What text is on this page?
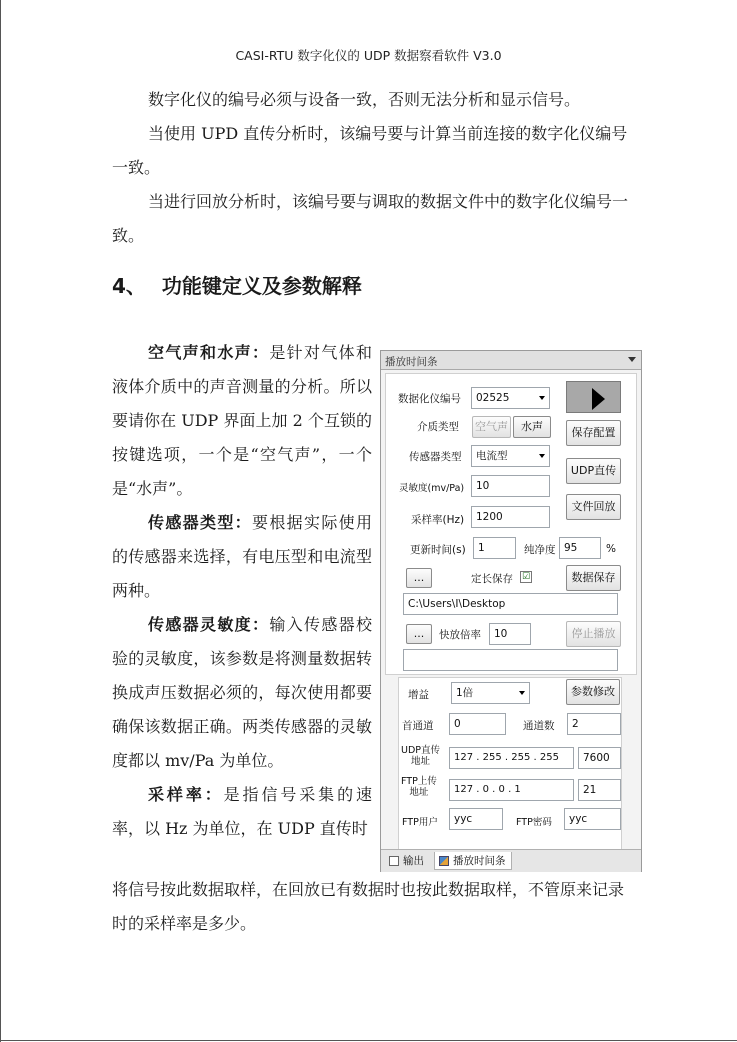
CASI-RTU 数字化仪的 UDP 数据察看软件 V3.0

数字化仪的编号必须与设备一致，否则无法分析和显示信号。

当使用 UPD 直传分析时，该编号要与计算当前连接的数字化仪编号一致。

当进行回放分析时，该编号要与调取的数据文件中的数字化仪编号一致。

4、 功能键定义及参数解释

空气声和水声：是针对气体和液体介质中的声音测量的分析。所以要请你在 UDP 界面上加 2 个互锁的按键选项，一个是“空气声”，一个是“水声”。

传感器类型：要根据实际使用的传感器来选择，有电压型和电流型两种。

传感器灵敏度：输入传感器校验的灵敏度，该参数是将测量数据转换成声压数据必须的，每次使用都要确保该数据正确。两类传感器的灵敏度都以 mv/Pa 为单位。

采样率：是指信号采集的速率，以 Hz 为单位，在 UDP 直传时

将信号按此数据取样，在回放已有数据时也按此数据取样，不管原来记录时的采样率是多少。

播放时间条
数据化仪编号	02525
介质类型 空气声	水声	保存配置
传感器类型	电流型
UDP直传
灵敏度(mv/Pa)	10
文件回放
采样率(Hz)	1200
更新时间(s)	1	纯净度 95	%
...	定长保存 ☑	数据保存
C:\Users\I\Desktop
...	快放倍率	10	停止播放
增益	1倍	参数修改
首通道	0	通道数	2
UDP直传
地址	127 . 255 . 255 . 255	7600
FTP上传
地址	127 . 0 . 0 . 1	21
FTP用户	yyc	FTP密码	yyc
输出	播放时间条
